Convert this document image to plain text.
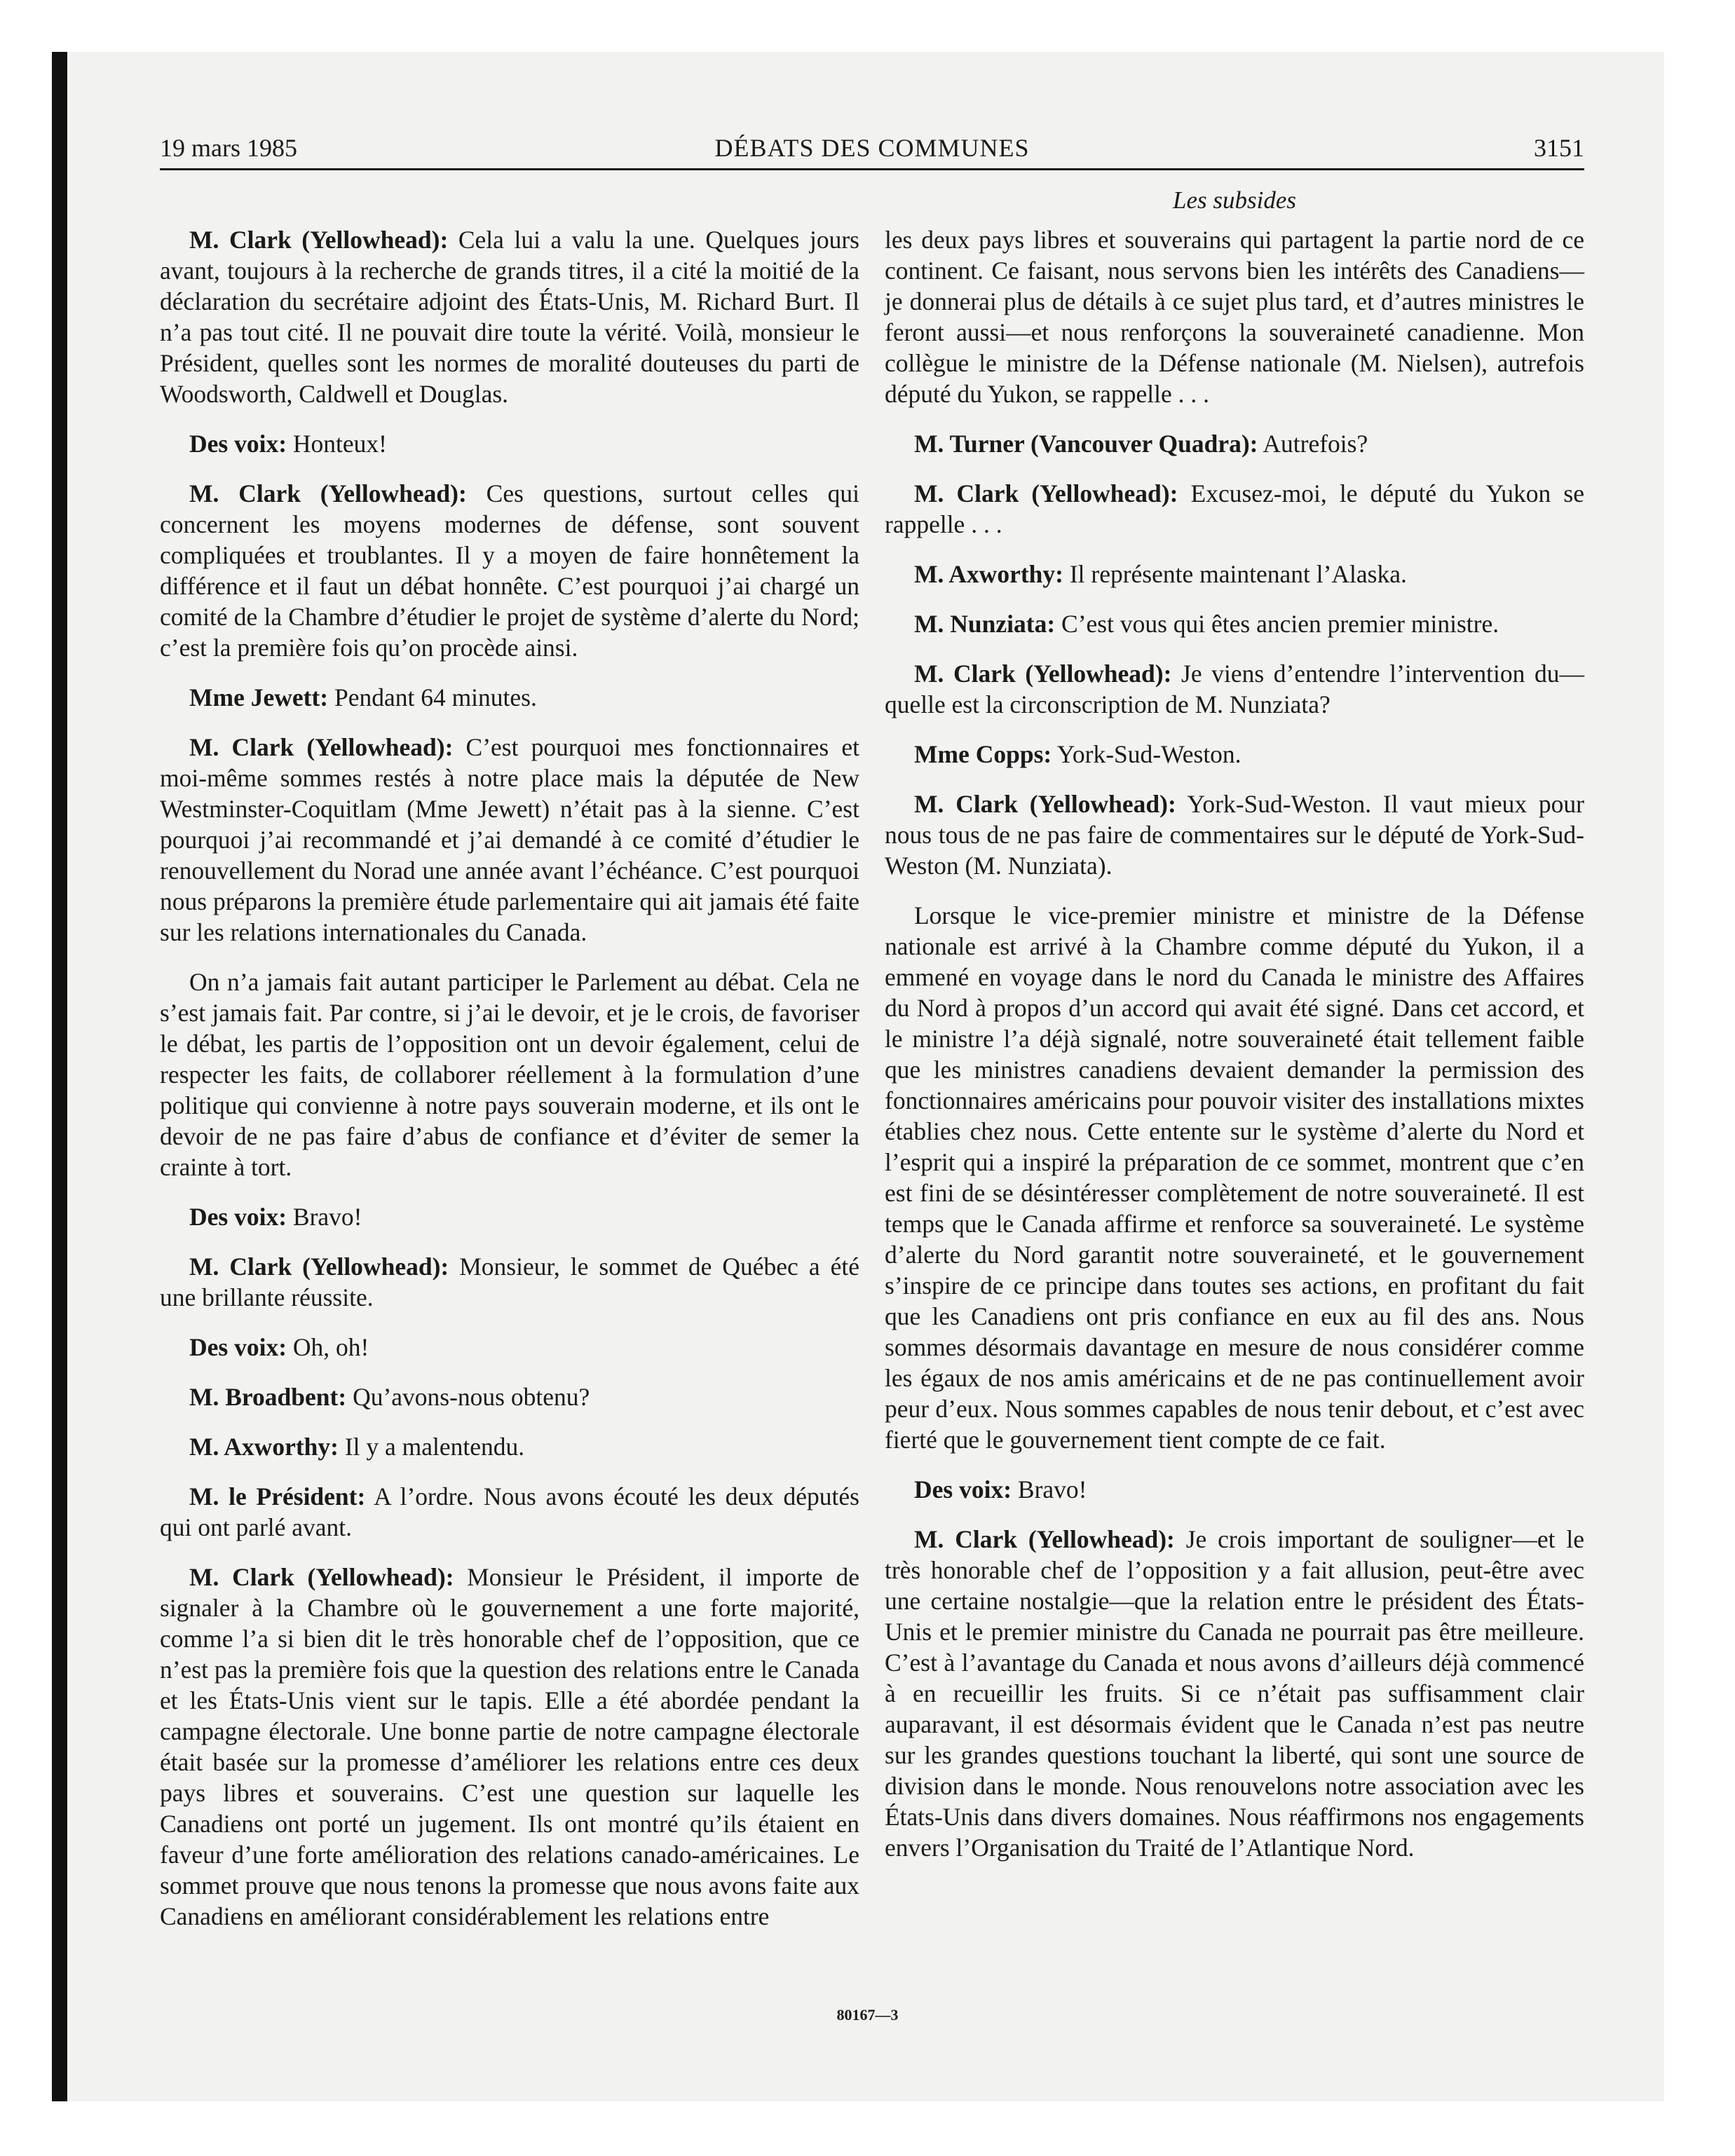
19 mars 1985	DÉBATS DES COMMUNES	3151
Les subsides

M. Clark (Yellowhead): Cela lui a valu la une. Quelques jours avant, toujours à la recherche de grands titres, il a cité la moitié de la déclaration du secrétaire adjoint des États-Unis, M. Richard Burt. Il n’a pas tout cité. Il ne pouvait dire toute la vérité. Voilà, monsieur le Président, quelles sont les normes de moralité douteuses du parti de Woodsworth, Caldwell et Douglas.

Des voix: Honteux!

M. Clark (Yellowhead): Ces questions, surtout celles qui concernent les moyens modernes de défense, sont souvent compliquées et troublantes. Il y a moyen de faire honnêtement la différence et il faut un débat honnête. C’est pourquoi j’ai chargé un comité de la Chambre d’étudier le projet de système d’alerte du Nord; c’est la première fois qu’on procède ainsi.

Mme Jewett: Pendant 64 minutes.

M. Clark (Yellowhead): C’est pourquoi mes fonctionnaires et moi-même sommes restés à notre place mais la députée de New Westminster-Coquitlam (Mme Jewett) n’était pas à la sienne. C’est pourquoi j’ai recommandé et j’ai demandé à ce comité d’étudier le renouvellement du Norad une année avant l’échéance. C’est pourquoi nous préparons la première étude parlementaire qui ait jamais été faite sur les relations internationales du Canada.

On n’a jamais fait autant participer le Parlement au débat. Cela ne s’est jamais fait. Par contre, si j’ai le devoir, et je le crois, de favoriser le débat, les partis de l’opposition ont un devoir également, celui de respecter les faits, de collaborer réellement à la formulation d’une politique qui convienne à notre pays souverain moderne, et ils ont le devoir de ne pas faire d’abus de confiance et d’éviter de semer la crainte à tort.

Des voix: Bravo!

M. Clark (Yellowhead): Monsieur, le sommet de Québec a été une brillante réussite.

Des voix: Oh, oh!

M. Broadbent: Qu’avons-nous obtenu?

M. Axworthy: Il y a malentendu.

M. le Président: A l’ordre. Nous avons écouté les deux députés qui ont parlé avant.

M. Clark (Yellowhead): Monsieur le Président, il importe de signaler à la Chambre où le gouvernement a une forte majorité, comme l’a si bien dit le très honorable chef de l’opposition, que ce n’est pas la première fois que la question des relations entre le Canada et les États-Unis vient sur le tapis. Elle a été abordée pendant la campagne électorale. Une bonne partie de notre campagne électorale était basée sur la promesse d’améliorer les relations entre ces deux pays libres et souverains. C’est une question sur laquelle les Canadiens ont porté un jugement. Ils ont montré qu’ils étaient en faveur d’une forte amélioration des relations canado-américaines. Le sommet prouve que nous tenons la promesse que nous avons faite aux Canadiens en améliorant considérablement les relations entre

les deux pays libres et souverains qui partagent la partie nord de ce continent. Ce faisant, nous servons bien les intérêts des Canadiens—je donnerai plus de détails à ce sujet plus tard, et d’autres ministres le feront aussi—et nous renforçons la souveraineté canadienne. Mon collègue le ministre de la Défense nationale (M. Nielsen), autrefois député du Yukon, se rappelle . . .

M. Turner (Vancouver Quadra): Autrefois?

M. Clark (Yellowhead): Excusez-moi, le député du Yukon se rappelle . . .

M. Axworthy: Il représente maintenant l’Alaska.

M. Nunziata: C’est vous qui êtes ancien premier ministre.

M. Clark (Yellowhead): Je viens d’entendre l’intervention du—quelle est la circonscription de M. Nunziata?

Mme Copps: York-Sud-Weston.

M. Clark (Yellowhead): York-Sud-Weston. Il vaut mieux pour nous tous de ne pas faire de commentaires sur le député de York-Sud-Weston (M. Nunziata).

Lorsque le vice-premier ministre et ministre de la Défense nationale est arrivé à la Chambre comme député du Yukon, il a emmené en voyage dans le nord du Canada le ministre des Affaires du Nord à propos d’un accord qui avait été signé. Dans cet accord, et le ministre l’a déjà signalé, notre souveraineté était tellement faible que les ministres canadiens devaient demander la permission des fonctionnaires américains pour pouvoir visiter des installations mixtes établies chez nous. Cette entente sur le système d’alerte du Nord et l’esprit qui a inspiré la préparation de ce sommet, montrent que c’en est fini de se désintéresser complètement de notre souveraineté. Il est temps que le Canada affirme et renforce sa souveraineté. Le système d’alerte du Nord garantit notre souveraineté, et le gouvernement s’inspire de ce principe dans toutes ses actions, en profitant du fait que les Canadiens ont pris confiance en eux au fil des ans. Nous sommes désormais davantage en mesure de nous considérer comme les égaux de nos amis américains et de ne pas continuellement avoir peur d’eux. Nous sommes capables de nous tenir debout, et c’est avec fierté que le gouvernement tient compte de ce fait.

Des voix: Bravo!

M. Clark (Yellowhead): Je crois important de souligner—et le très honorable chef de l’opposition y a fait allusion, peut-être avec une certaine nostalgie—que la relation entre le président des États-Unis et le premier ministre du Canada ne pourrait pas être meilleure. C’est à l’avantage du Canada et nous avons d’ailleurs déjà commencé à en recueillir les fruits. Si ce n’était pas suffisamment clair auparavant, il est désormais évident que le Canada n’est pas neutre sur les grandes questions touchant la liberté, qui sont une source de division dans le monde. Nous renouvelons notre association avec les États-Unis dans divers domaines. Nous réaffirmons nos engagements envers l’Organisation du Traité de l’Atlantique Nord.

80167—3
